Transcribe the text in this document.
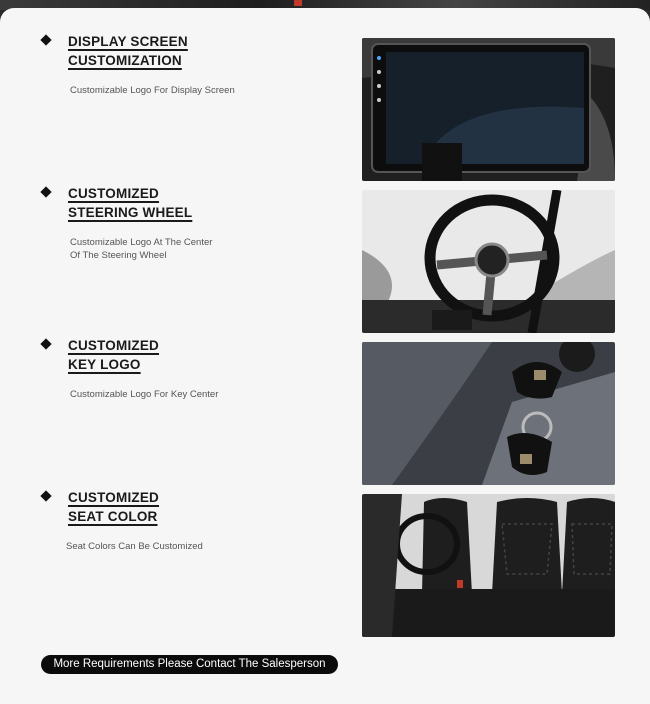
DISPLAY SCREEN
CUSTOMIZATION
Customizable Logo For Display Screen
CUSTOMIZED
STEERING WHEEL
Customizable Logo At The Center
Of The Steering Wheel
CUSTOMIZED
KEY LOGO
Customizable Logo For Key Center
CUSTOMIZED
SEAT COLOR
Seat Colors Can Be Customized
More Requirements Please Contact The Salesperson
